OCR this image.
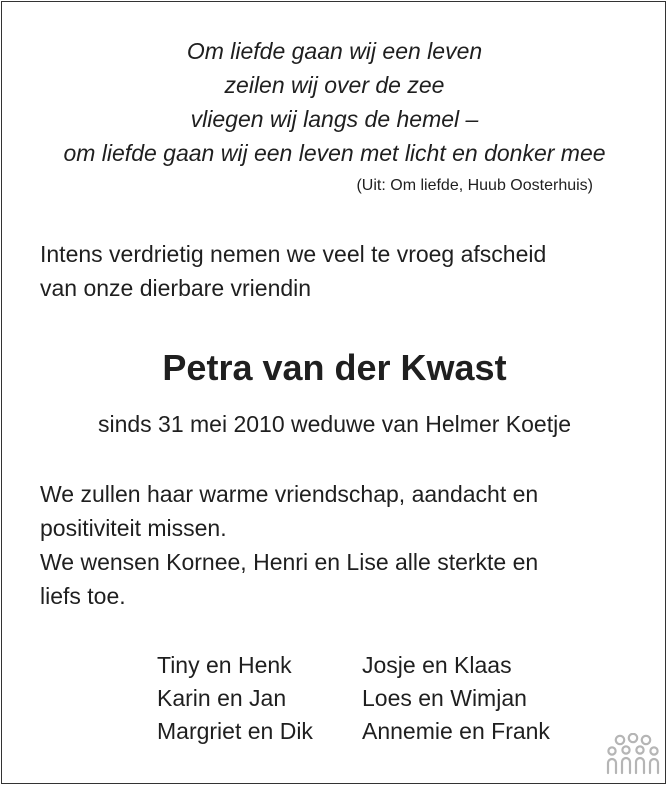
Om liefde gaan wij een leven
zeilen wij over de zee
vliegen wij langs de hemel –
om liefde gaan wij een leven met licht en donker mee
(Uit: Om liefde, Huub Oosterhuis)
Intens verdrietig nemen we veel te vroeg afscheid
van onze dierbare vriendin
Petra van der Kwast
sinds 31 mei 2010 weduwe van Helmer Koetje
We zullen haar warme vriendschap, aandacht en
positiviteit missen.
We wensen Kornee, Henri en Lise alle sterkte en
liefs toe.
Tiny en Henk
Karin en Jan
Margriet en Dik
Josje en Klaas
Loes en Wimjan
Annemie en Frank
